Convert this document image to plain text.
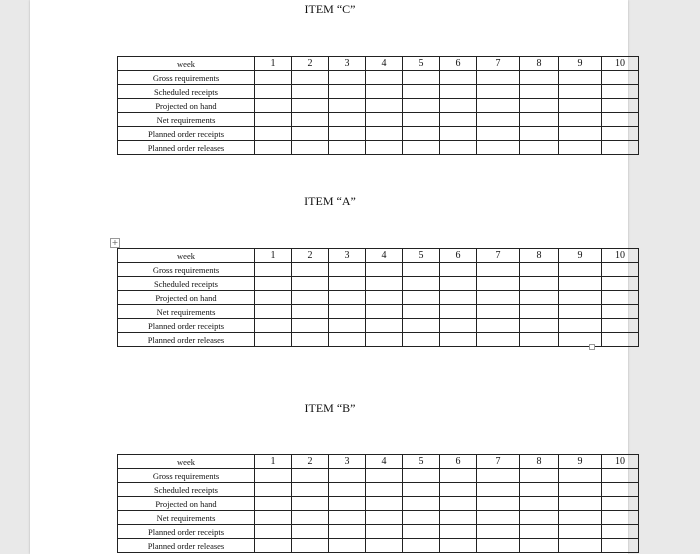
ITEM “C”
week	1	2	3	4	5	6	7	8	9	10
Gross requirements										
Scheduled receipts										
Projected on hand										
Net requirements										
Planned order receipts										
Planned order releases										
ITEM “A”
+
week	1	2	3	4	5	6	7	8	9	10
Gross requirements										
Scheduled receipts										
Projected on hand										
Net requirements										
Planned order receipts										
Planned order releases										
ITEM “B”
week	1	2	3	4	5	6	7	8	9	10
Gross requirements										
Scheduled receipts										
Projected on hand										
Net requirements										
Planned order receipts										
Planned order releases										
